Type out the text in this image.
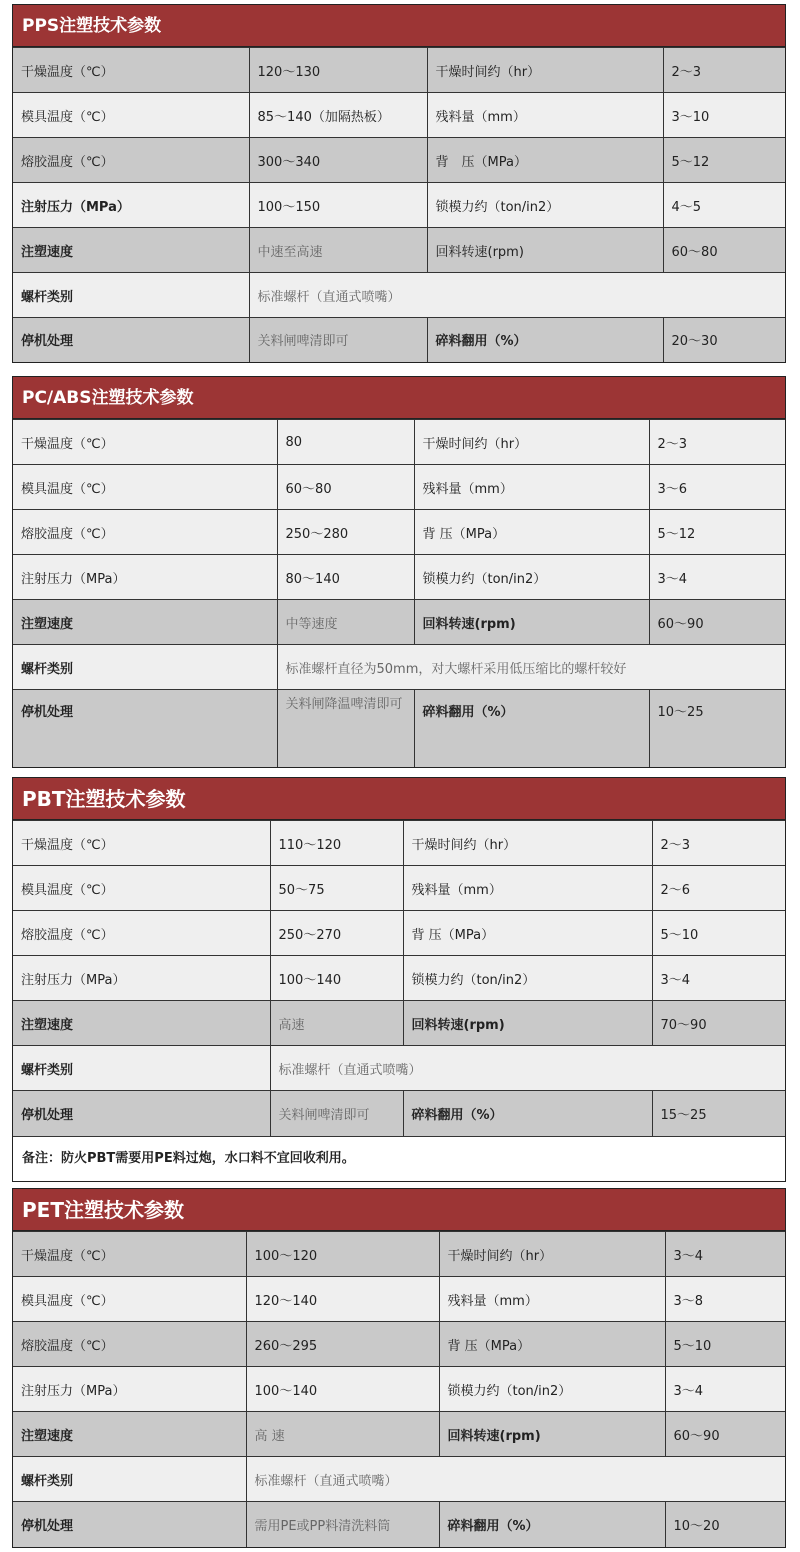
PPS注塑技术参数
干燥温度（℃）	120～130	干燥时间约（hr）	2～3
模具温度（℃）	85～140（加隔热板）	残料量（mm）	3～10
熔胶温度（℃）	300～340	背　压（MPa）	5～12
注射压力（MPa）	100～150	锁模力约（ton/in2）	4～5
注塑速度	中速至高速	回料转速(rpm)	60～80
螺杆类别	标准螺杆（直通式喷嘴）		
停机处理	关料闸啤清即可	碎料翻用（%）	20～30
PC/ABS注塑技术参数
干燥温度（℃）	80	干燥时间约（hr）	2～3
模具温度（℃）	60～80	残料量（mm）	3～6
熔胶温度（℃）	250～280	背 压（MPa）	5～12
注射压力（MPa）	80～140	锁模力约（ton/in2）	3～4
注塑速度	中等速度	回料转速(rpm)	60～90
螺杆类别	标准螺杆直径为50mm，对大螺杆采用低压缩比的螺杆较好		
停机处理	关料闸降温啤清即可	碎料翻用（%）	10～25
PBT注塑技术参数
干燥温度（℃）	110～120	干燥时间约（hr）	2～3
模具温度（℃）	50～75	残料量（mm）	2～6
熔胶温度（℃）	250～270	背 压（MPa）	5～10
注射压力（MPa）	100～140	锁模力约（ton/in2）	3～4
注塑速度	高速	回料转速(rpm)	70～90
螺杆类别	标准螺杆（直通式喷嘴）		
停机处理	关料闸啤清即可	碎料翻用（%）	15～25
备注：防火PBT需要用PE料过炮，水口料不宜回收利用。
PET注塑技术参数
干燥温度（℃）	100～120	干燥时间约（hr）	3～4
模具温度（℃）	120～140	残料量（mm）	3～8
熔胶温度（℃）	260～295	背 压（MPa）	5～10
注射压力（MPa）	100～140	锁模力约（ton/in2）	3～4
注塑速度	高 速	回料转速(rpm)	60～90
螺杆类别	标准螺杆（直通式喷嘴）		
停机处理	需用PE或PP料清洗料筒	碎料翻用（%）	10～20
